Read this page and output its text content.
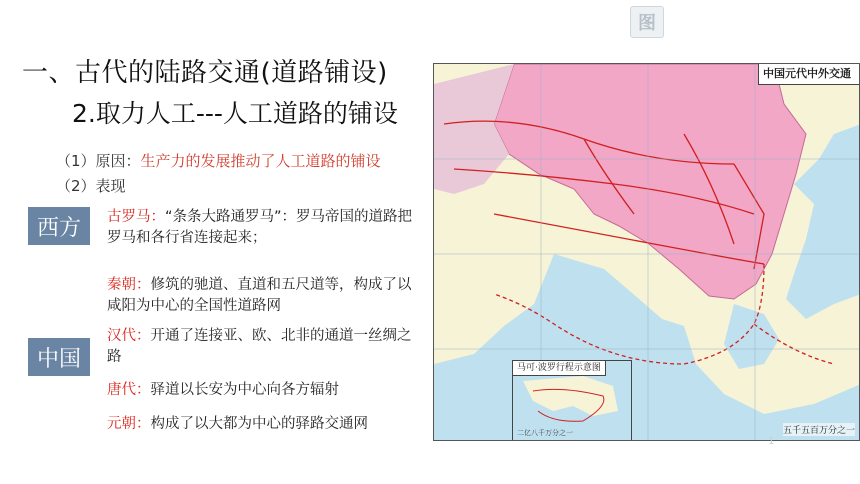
图
一、古代的陆路交通(道路铺设)
2.取力人工---人工道路的铺设
（1）原因：生产力的发展推动了人工道路的铺设
（2）表现
西方
中国
古罗马：“条条大路通罗马”：罗马帝国的道路把罗马和各行省连接起来；
秦朝：修筑的驰道、直道和五尺道等，构成了以咸阳为中心的全国性道路网
汉代：开通了连接亚、欧、北非的通道一丝绸之路
唐代：驿道以长安为中心向各方辐射
元朝：构成了以大都为中心的驿路交通网
中国元代中外交通
马可·波罗行程示意图
二亿八千万分之一	五千五百万分之一
1
